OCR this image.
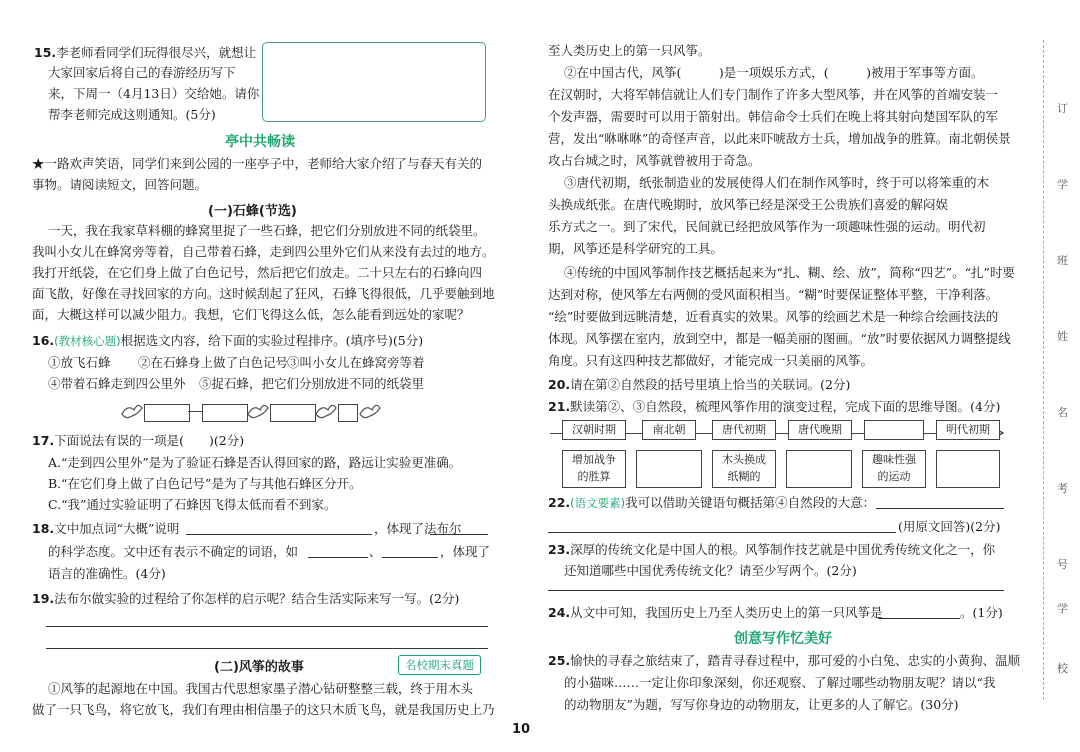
15.李老师看同学们玩得很尽兴，就想让
大家回家后将自己的春游经历写下
来，下周一（4月13日）交给她。请你
帮李老师完成这则通知。(5分)
亭中共畅读
★一路欢声笑语，同学们来到公园的一座亭子中，老师给大家介绍了与春天有关的
事物。请阅读短文，回答问题。
(一)石蜂(节选)
一天，我在我家草料棚的蜂窝里捉了一些石蜂，把它们分别放进不同的纸袋里。
我叫小女儿在蜂窝旁等着，自己带着石蜂，走到四公里外它们从来没有去过的地方。
我打开纸袋，在它们身上做了白色记号，然后把它们放走。二十只左右的石蜂向四
面飞散，好像在寻找回家的方向。这时候刮起了狂风，石蜂飞得很低，几乎要触到地
面，大概这样可以减少阻力。我想，它们飞得这么低，怎么能看到远处的家呢？
16.(教材核心题)根据选文内容，给下面的实验过程排序。(填序号)(5分)
①放飞石蜂 ②在石蜂身上做了白色记号
③叫小女儿在蜂窝旁等着
④带着石蜂走到四公里外 ⑤捉石蜂，把它们分别放进不同的纸袋里
17.下面说法有误的一项是(　　)(2分)
A.“走到四公里外”是为了验证石蜂是否认得回家的路，路远让实验更准确。
B.“在它们身上做了白色记号”是为了与其他石蜂区分开。
C.“我”通过实验证明了石蜂因飞得太低而看不到家。
18.文中加点词“大概”说明	，体现了法布尔
的科学态度。文中还有表示不确定的词语，如	、	，体现了
语言的准确性。(4分)
19.法布尔做实验的过程给了你怎样的启示呢？结合生活实际来写一写。(2分)
(二)风筝的故事	名校期末真题
①风筝的起源地在中国。我国古代思想家墨子潜心钻研整整三载，终于用木头
做了一只飞鸟，将它放飞，我们有理由相信墨子的这只木质飞鸟，就是我国历史上乃
至人类历史上的第一只风筝。
②在中国古代，风筝(　　　)是一项娱乐方式，(　　　)被用于军事等方面。
在汉朝时，大将军韩信就让人们专门制作了许多大型风筝，并在风筝的首端安装一
个发声器，需要时可以用于箭射出。韩信命令士兵们在晚上将其射向楚国军队的军
营，发出“咻咻咻”的奇怪声音，以此来吓唬敌方士兵，增加战争的胜算。南北朝侯景
攻占台城之时，风筝就曾被用于奇急。
③唐代初期，纸张制造业的发展使得人们在制作风筝时，终于可以将笨重的木
头换成纸张。在唐代晚期时，放风筝已经是深受王公贵族们喜爱的解闷娱
乐方式之一。到了宋代，民间就已经把放风筝作为一项趣味性强的运动。明代初
期，风筝还是科学研究的工具。
④传统的中国风筝制作技艺概括起来为“扎、糊、绘、放”，简称“四艺”。“扎”时要
达到对称，使风筝左右两侧的受风面积相当。“糊”时要保证整体平整，干净利落。
“绘”时要做到远眺清楚，近看真实的效果。风筝的绘画艺术是一种综合绘画技法的
体现。风筝摆在室内，放到空中，都是一幅美丽的图画。“放”时要依据风力调整提线
角度。只有这四种技艺都做好，才能完成一只美丽的风筝。
20.请在第②自然段的括号里填上恰当的关联词。(2分)
21.默读第②、③自然段，梳理风筝作用的演变过程，完成下面的思维导图。(4分)
汉朝时期	南北朝	唐代初期	唐代晚期	明代初期
增加战争
的胜算
木头换成
纸糊的
趣味性强
的运动
22.(语文要素)我可以借助关键语句概括第④自然段的大意：
(用原文回答)(2分)
23.深厚的传统文化是中国人的根。风筝制作技艺就是中国优秀传统文化之一，你
还知道哪些中国优秀传统文化？请至少写两个。(2分)
24.从文中可知，我国历史上乃至人类历史上的第一只风筝是	。(1分)
创意写作忆美好
25.愉快的寻春之旅结束了，踏青寻春过程中，那可爱的小白兔、忠实的小黄狗、温顺
的小猫咪……一定让你印象深刻，你还观察、了解过哪些动物朋友呢？请以“我
的动物朋友”为题，写写你身边的动物朋友，让更多的人了解它。(30分)
10
订
学
班
姓
名
考
号
学
校
